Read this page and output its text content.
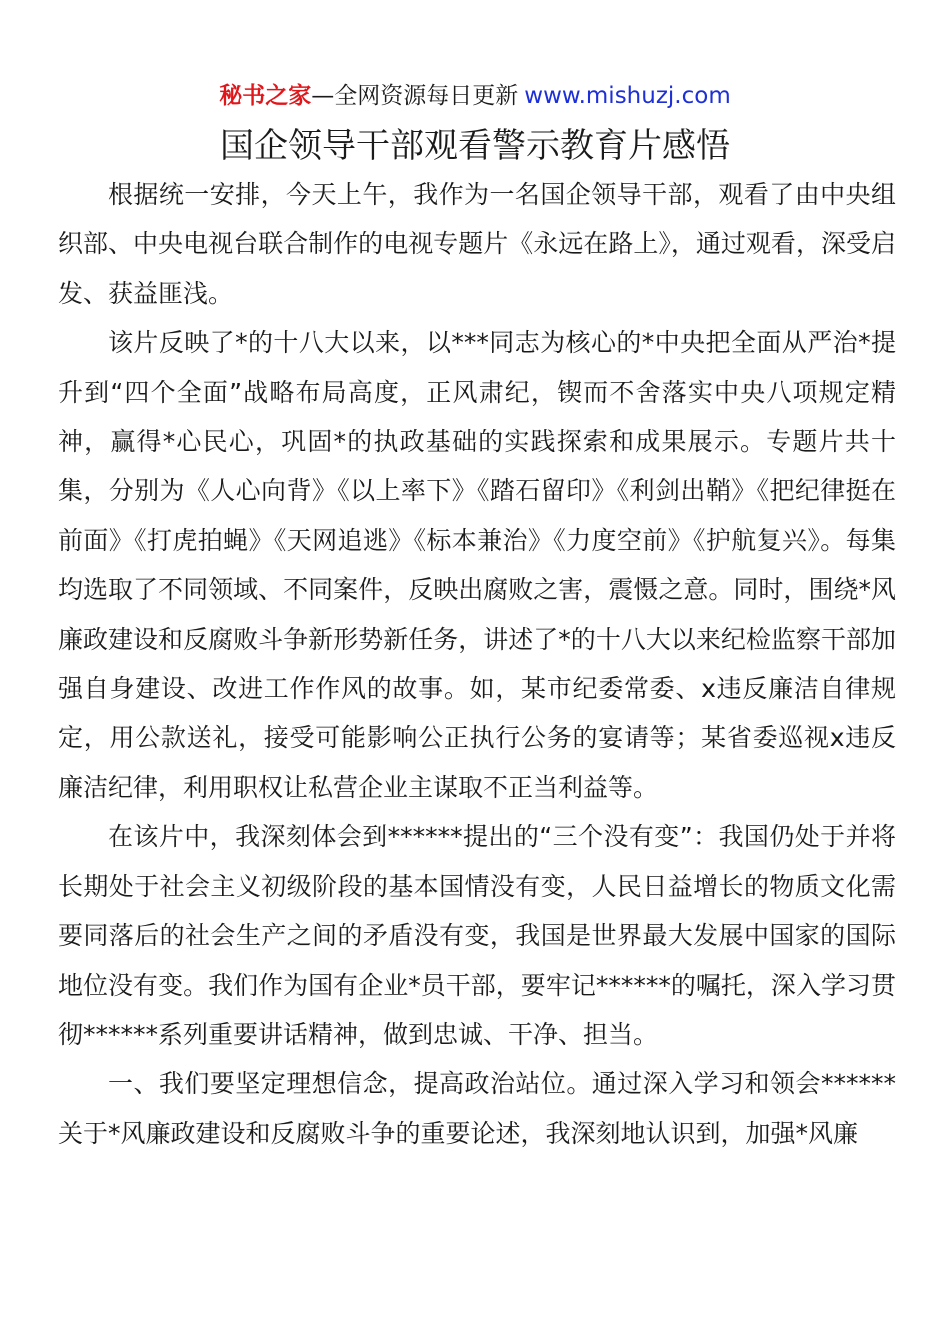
秘书之家—全网资源每日更新 www.mishuzj.com
国企领导干部观看警示教育片感悟

根据统一安排，今天上午，我作为一名国企领导干部，观看了由中央组织部、中央电视台联合制作的电视专题片《永远在路上》，通过观看，深受启发、获益匪浅。

该片反映了*的十八大以来，以***同志为核心的*中央把全面从严治*提升到“四个全面”战略布局高度，正风肃纪，锲而不舍落实中央八项规定精神，赢得*心民心，巩固*的执政基础的实践探索和成果展示。专题片共十集，分别为《人心向背》《以上率下》《踏石留印》《利剑出鞘》《把纪律挺在前面》《打虎拍蝇》《天网追逃》《标本兼治》《力度空前》《护航复兴》。每集均选取了不同领域、不同案件，反映出腐败之害，震慑之意。同时，围绕*风廉政建设和反腐败斗争新形势新任务，讲述了*的十八大以来纪检监察干部加强自身建设、改进工作作风的故事。如，某市纪委常委、x违反廉洁自律规定，用公款送礼，接受可能影响公正执行公务的宴请等；某省委巡视x违反廉洁纪律，利用职权让私营企业主谋取不正当利益等。

在该片中，我深刻体会到******提出的“三个没有变”：我国仍处于并将长期处于社会主义初级阶段的基本国情没有变，人民日益增长的物质文化需要同落后的社会生产之间的矛盾没有变，我国是世界最大发展中国家的国际地位没有变。我们作为国有企业*员干部，要牢记******的嘱托，深入学习贯彻******系列重要讲话精神，做到忠诚、干净、担当。

一、我们要坚定理想信念，提高政治站位。通过深入学习和领会******关于*风廉政建设和反腐败斗争的重要论述，我深刻地认识到，加强*风廉
